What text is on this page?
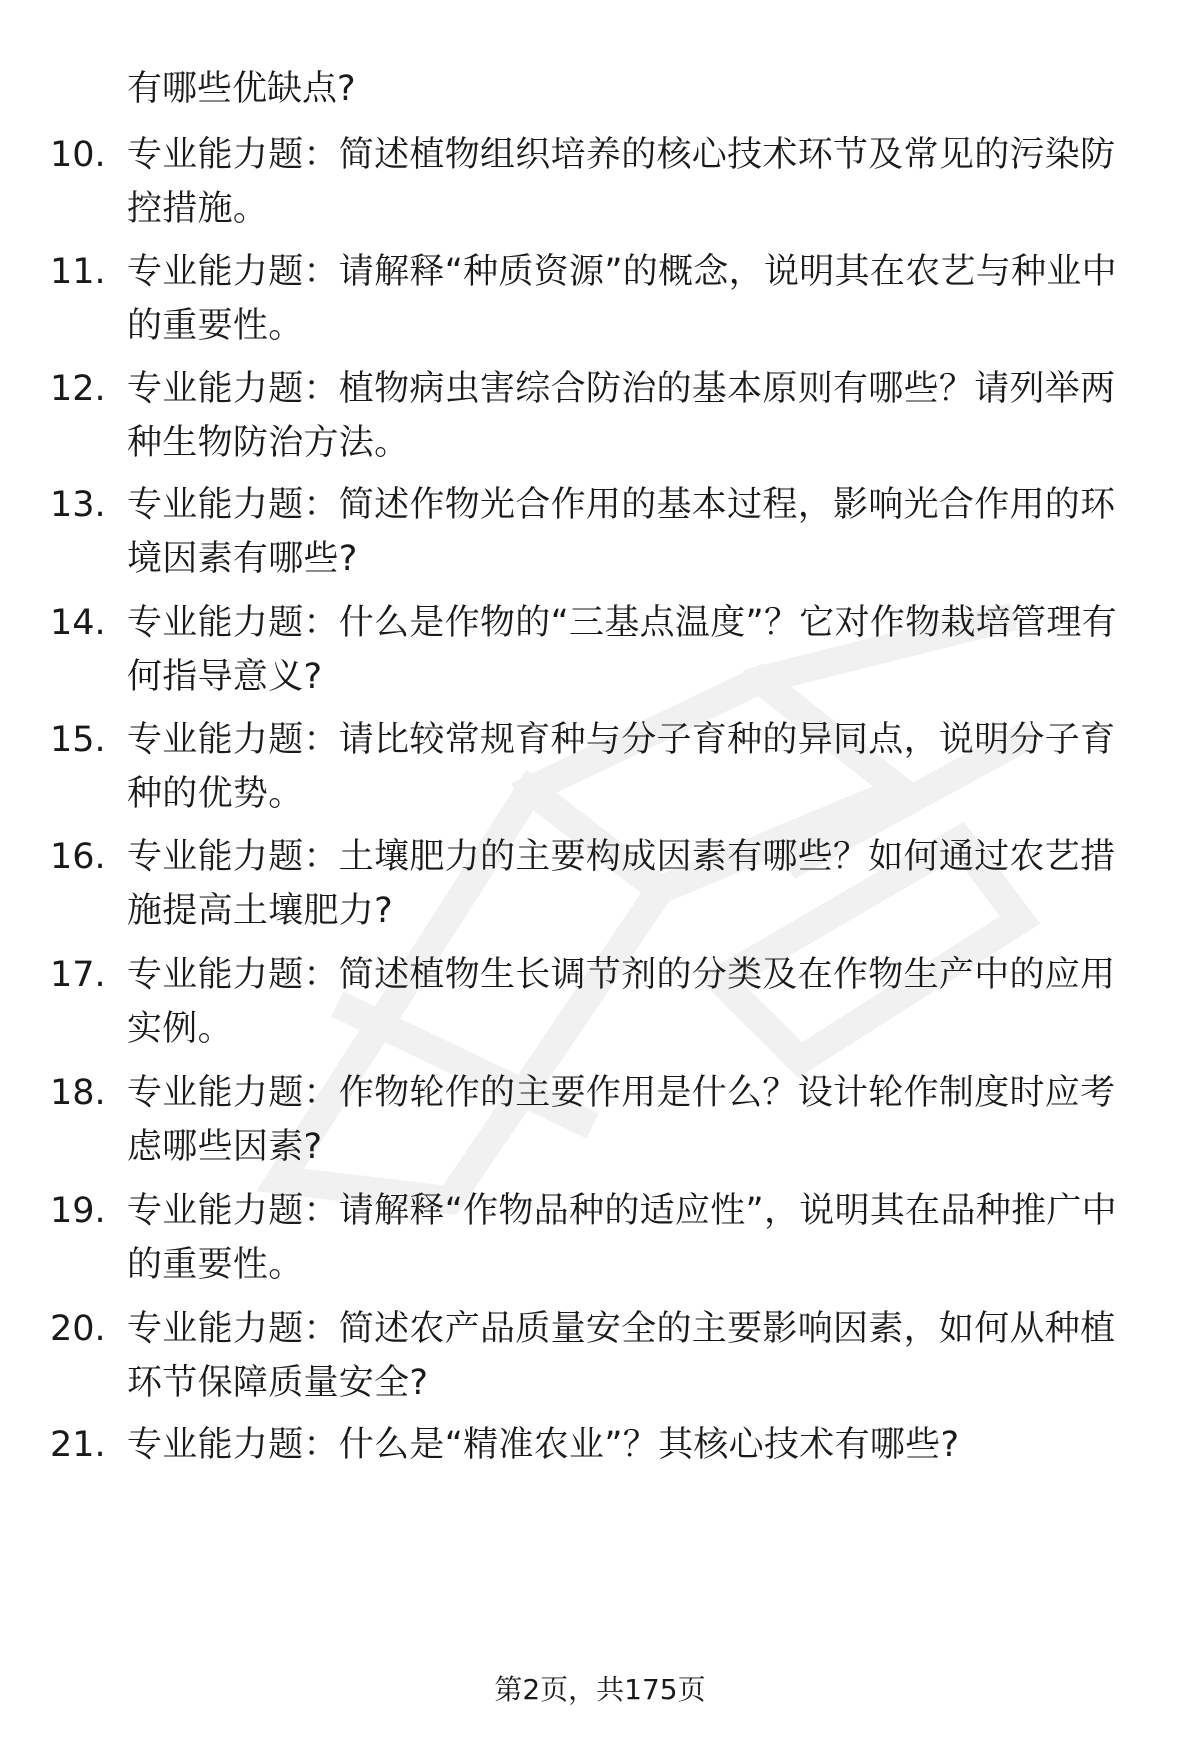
有哪些优缺点?
10. 专业能力题：简述植物组织培养的核心技术环节及常见的污染防控措施。
11. 专业能力题：请解释“种质资源”的概念，说明其在农艺与种业中的重要性。
12. 专业能力题：植物病虫害综合防治的基本原则有哪些？请列举两种生物防治方法。
13. 专业能力题：简述作物光合作用的基本过程，影响光合作用的环境因素有哪些?
14. 专业能力题：什么是作物的“三基点温度”？它对作物栽培管理有何指导意义?
15. 专业能力题：请比较常规育种与分子育种的异同点，说明分子育种的优势。
16. 专业能力题：土壤肥力的主要构成因素有哪些？如何通过农艺措施提高土壤肥力?
17. 专业能力题：简述植物生长调节剂的分类及在作物生产中的应用实例。
18. 专业能力题：作物轮作的主要作用是什么？设计轮作制度时应考虑哪些因素?
19. 专业能力题：请解释“作物品种的适应性”，说明其在品种推广中的重要性。
20. 专业能力题：简述农产品质量安全的主要影响因素，如何从种植环节保障质量安全?
21. 专业能力题：什么是“精准农业”？其核心技术有哪些?
第2页，共175页
